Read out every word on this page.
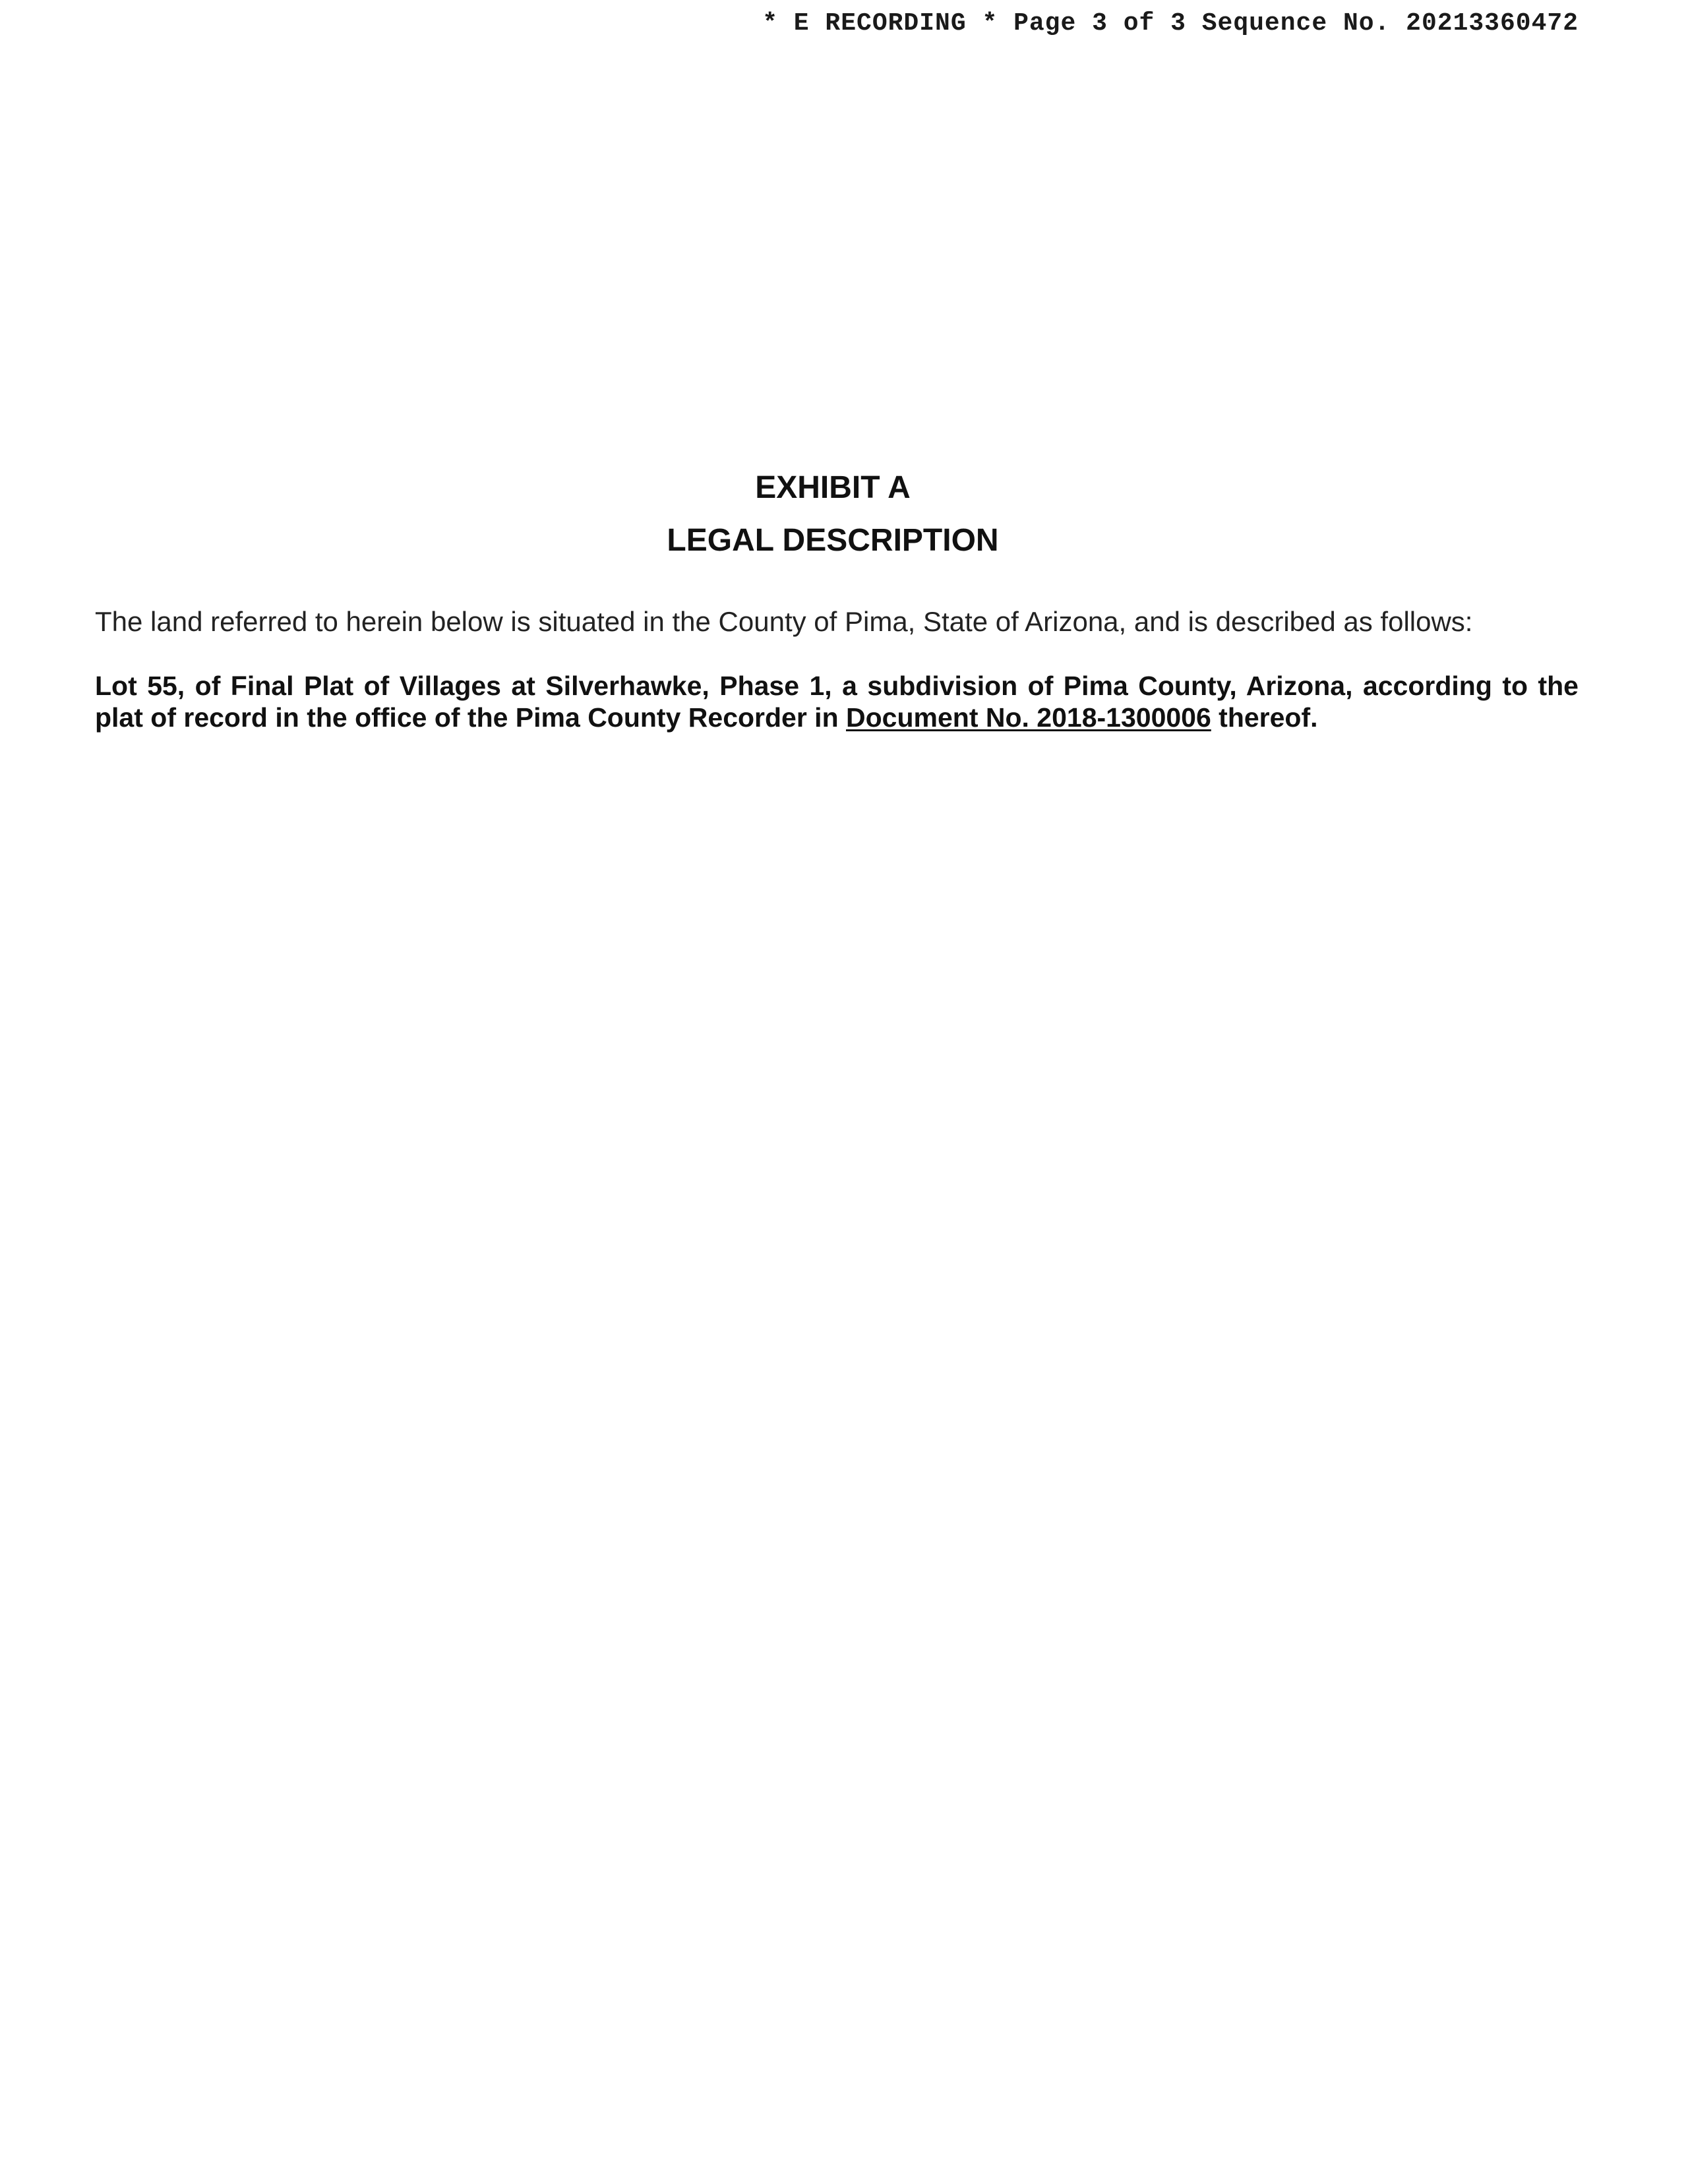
* E RECORDING * Page 3 of 3 Sequence No. 20213360472
EXHIBIT A
LEGAL DESCRIPTION
The land referred to herein below is situated in the County of Pima, State of Arizona, and is described as follows:
Lot 55, of Final Plat of Villages at Silverhawke, Phase 1, a subdivision of Pima County, Arizona, according to the plat of record in the office of the Pima County Recorder in Document No. 2018-1300006 thereof.
